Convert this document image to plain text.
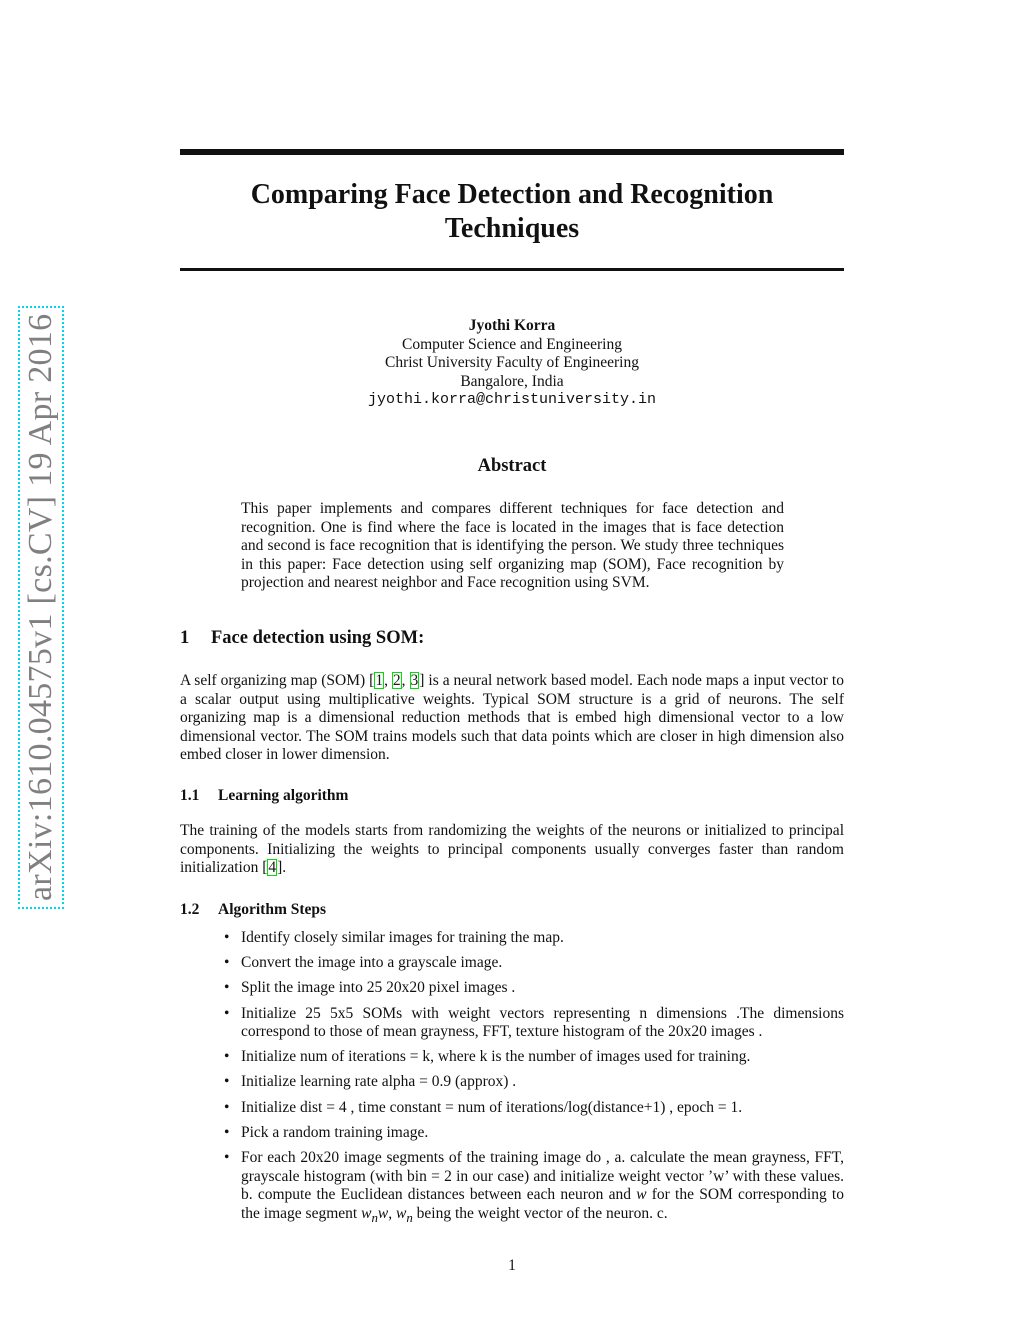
arXiv:1610.04575v1 [cs.CV] 19 Apr 2016
Comparing Face Detection and Recognition
Techniques
Jyothi Korra
Computer Science and Engineering
Christ University Faculty of Engineering
Bangalore, India
jyothi.korra@christuniversity.in
Abstract
This paper implements and compares different techniques for face detection and recognition. One is find where the face is located in the images that is face detection and second is face recognition that is identifying the person. We study three techniques in this paper: Face detection using self organizing map (SOM), Face recognition by projection and nearest neighbor and Face recognition using SVM.
1 Face detection using SOM:
A self organizing map (SOM) [1, 2, 3] is a neural network based model. Each node maps a input vector to a scalar output using multiplicative weights. Typical SOM structure is a grid of neurons. The self organizing map is a dimensional reduction methods that is embed high dimensional vector to a low dimensional vector. The SOM trains models such that data points which are closer in high dimension also embed closer in lower dimension.
1.1 Learning algorithm
The training of the models starts from randomizing the weights of the neurons or initialized to principal components. Initializing the weights to principal components usually converges faster than random initialization [4].
1.2 Algorithm Steps
• Identify closely similar images for training the map.
• Convert the image into a grayscale image.
• Split the image into 25 20x20 pixel images .
• Initialize 25 5x5 SOMs with weight vectors representing n dimensions .The dimensions correspond to those of mean grayness, FFT, texture histogram of the 20x20 images .
• Initialize num of iterations = k, where k is the number of images used for training.
• Initialize learning rate alpha = 0.9 (approx) .
• Initialize dist = 4 , time constant = num of iterations/log(distance+1) , epoch = 1.
• Pick a random training image.
• For each 20x20 image segments of the training image do , a. calculate the mean grayness, FFT, grayscale histogram (with bin = 2 in our case) and initialize weight vector ’w’ with these values. b. compute the Euclidean distances between each neuron and w for the SOM corresponding to the image segment $w_nw$, $w_n$ being the weight vector of the neuron. c.
1
